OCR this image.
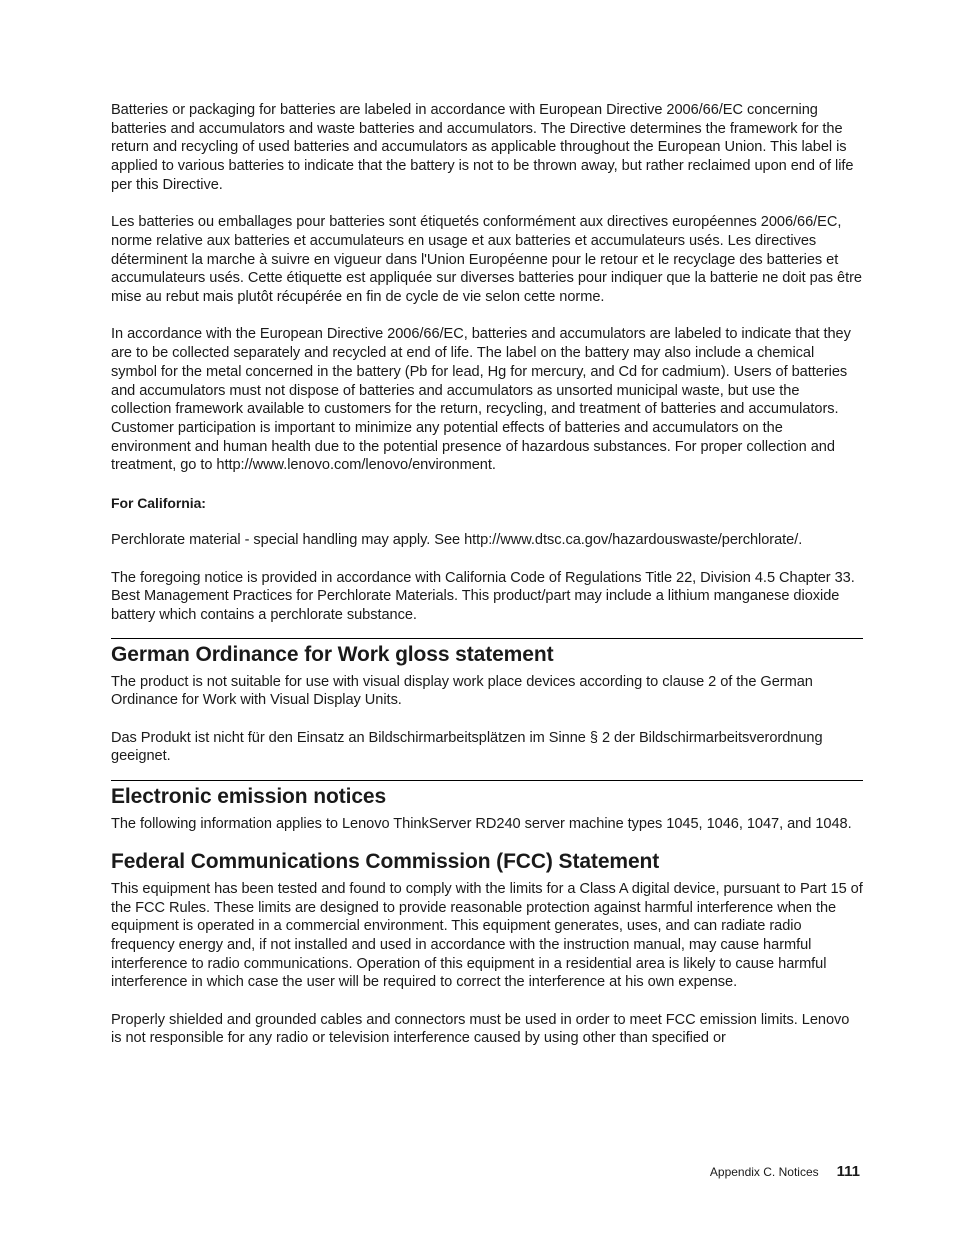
Batteries or packaging for batteries are labeled in accordance with European Directive 2006/66/EC concerning batteries and accumulators and waste batteries and accumulators. The Directive determines the framework for the return and recycling of used batteries and accumulators as applicable throughout the European Union. This label is applied to various batteries to indicate that the battery is not to be thrown away, but rather reclaimed upon end of life per this Directive.

Les batteries ou emballages pour batteries sont étiquetés conformément aux directives européennes 2006/66/EC, norme relative aux batteries et accumulateurs en usage et aux batteries et accumulateurs usés. Les directives déterminent la marche à suivre en vigueur dans l'Union Européenne pour le retour et le recyclage des batteries et accumulateurs usés. Cette étiquette est appliquée sur diverses batteries pour indiquer que la batterie ne doit pas être mise au rebut mais plutôt récupérée en fin de cycle de vie selon cette norme.

In accordance with the European Directive 2006/66/EC, batteries and accumulators are labeled to indicate that they are to be collected separately and recycled at end of life. The label on the battery may also include a chemical symbol for the metal concerned in the battery (Pb for lead, Hg for mercury, and Cd for cadmium). Users of batteries and accumulators must not dispose of batteries and accumulators as unsorted municipal waste, but use the collection framework available to customers for the return, recycling, and treatment of batteries and accumulators. Customer participation is important to minimize any potential effects of batteries and accumulators on the environment and human health due to the potential presence of hazardous substances. For proper collection and treatment, go to http://www.lenovo.com/lenovo/environment.

For California:

Perchlorate material - special handling may apply. See http://www.dtsc.ca.gov/hazardouswaste/perchlorate/.

The foregoing notice is provided in accordance with California Code of Regulations Title 22, Division 4.5 Chapter 33. Best Management Practices for Perchlorate Materials. This product/part may include a lithium manganese dioxide battery which contains a perchlorate substance.

German Ordinance for Work gloss statement

The product is not suitable for use with visual display work place devices according to clause 2 of the German Ordinance for Work with Visual Display Units.

Das Produkt ist nicht für den Einsatz an Bildschirmarbeitsplätzen im Sinne § 2 der Bildschirmarbeitsverordnung geeignet.

Electronic emission notices

The following information applies to Lenovo ThinkServer RD240 server machine types 1045, 1046, 1047, and 1048.

Federal Communications Commission (FCC) Statement

This equipment has been tested and found to comply with the limits for a Class A digital device, pursuant to Part 15 of the FCC Rules. These limits are designed to provide reasonable protection against harmful interference when the equipment is operated in a commercial environment. This equipment generates, uses, and can radiate radio frequency energy and, if not installed and used in accordance with the instruction manual, may cause harmful interference to radio communications. Operation of this equipment in a residential area is likely to cause harmful interference in which case the user will be required to correct the interference at his own expense.

Properly shielded and grounded cables and connectors must be used in order to meet FCC emission limits. Lenovo is not responsible for any radio or television interference caused by using other than specified or

Appendix C. Notices 111
